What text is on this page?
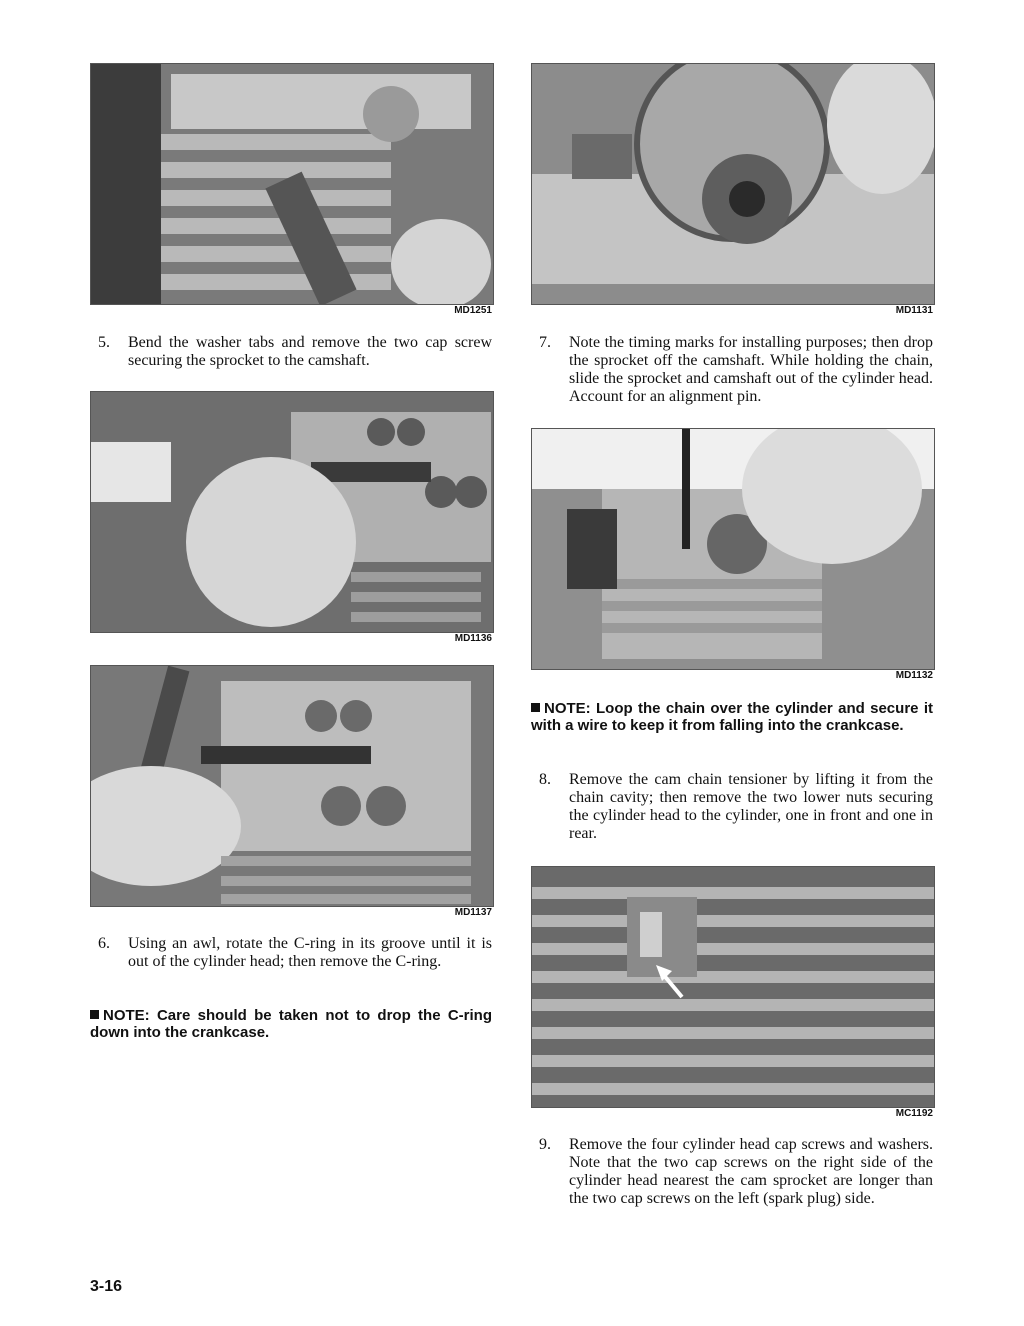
MD1251
5. Bend the washer tabs and remove the two cap screw securing the sprocket to the camshaft.
MD1136
MD1137
6. Using an awl, rotate the C-ring in its groove until it is out of the cylinder head; then remove the C-ring.
NOTE: Care should be taken not to drop the C-ring down into the crankcase.
MD1131
7. Note the timing marks for installing purposes; then drop the sprocket off the camshaft. While holding the chain, slide the sprocket and camshaft out of the cylinder head. Account for an alignment pin.
MD1132
NOTE: Loop the chain over the cylinder and secure it with a wire to keep it from falling into the crankcase.
8. Remove the cam chain tensioner by lifting it from the chain cavity; then remove the two lower nuts securing the cylinder head to the cylinder, one in front and one in rear.
MC1192
9. Remove the four cylinder head cap screws and washers. Note that the two cap screws on the right side of the cylinder head nearest the cam sprocket are longer than the two cap screws on the left (spark plug) side.
3-16
